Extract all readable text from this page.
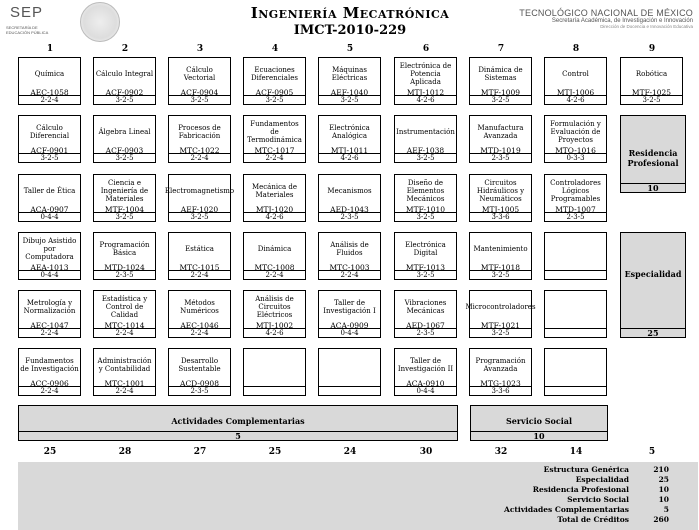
SEP
SECRETARÍA DE EDUCACIÓN PÚBLICA
Ingeniería Mecatrónica
IMCT-2010-229
TECNOLÓGICO NACIONAL DE MÉXICO
Secretaría Académica, de Investigación e Innovación
Dirección de Docencia e Innovación Educativa
1	2	3	4	5	6	7	8	9
Química
AEC-1058
2-2-4
Cálculo Integral
ACF-0902
3-2-5
Cálculo Vectorial
ACF-0904
3-2-5
Ecuaciones Diferenciales
ACF-0905
3-2-5
Máquinas Eléctricas
AEF-1040
3-2-5
Electrónica de Potencia Aplicada
MTJ-1012
4-2-6
Dinámica de Sistemas
MTF-1009
3-2-5
Control
MTJ-1006
4-2-6
Robótica
MTF-1025
3-2-5
Cálculo Diferencial
ACF-0901
3-2-5
Álgebra Lineal
ACF-0903
3-2-5
Procesos de Fabricación
MTC-1022
2-2-4
Fundamentos de Termodinámica
MTC-1017
2-2-4
Electrónica Analógica
MTJ-1011
4-2-6
Instrumentación
AEF-1038
3-2-5
Manufactura Avanzada
MTD-1019
2-3-5
Formulación y Evaluación de Proyectos
MTO-1016
0-3-3
Taller de Ética
ACA-0907
0-4-4
Ciencia e Ingeniería de Materiales
MTF-1004
3-2-5
Electromagnetismo
AEF-1020
3-2-5
Mecánica de Materiales
MTJ-1020
4-2-6
Mecanismos
AED-1043
2-3-5
Diseño de Elementos Mecánicos
MTF-1010
3-2-5
Circuitos Hidráulicos y Neumáticos
MTJ-1005
3-3-6
Controladores Lógicos Programables
MTD-1007
2-3-5
Dibujo Asistido por Computadora
AEA-1013
0-4-4
Programación Básica
MTD-1024
2-3-5
Estática
MTC-1015
2-2-4
Dinámica
MTC-1008
2-2-4
Análisis de Fluidos
MTC-1003
2-2-4
Electrónica Digital
MTF-1013
3-2-5
Mantenimiento
MTF-1018
3-2-5
Metrología y Normalización
AEC-1047
2-2-4
Estadística y Control de Calidad
MTC-1014
2-2-4
Métodos Numéricos
AEC-1046
2-2-4
Análisis de Circuitos Eléctricos
MTJ-1002
4-2-6
Taller de Investigación I
ACA-0909
0-4-4
Vibraciones Mecánicas
AED-1067
2-3-5
Microcontroladores
MTF-1021
3-2-5
Fundamentos de Investigación
ACC-0906
2-2-4
Administración y Contabilidad
MTC-1001
2-2-4
Desarrollo Sustentable
ACD-0908
2-3-5
Taller de Investigación II
ACA-0910
0-4-4
Programación Avanzada
MTG-1023
3-3-6
Residencia Profesional
10
Especialidad
25
Actividades Complementarias
5
Servicio Social
10
25	28	27	25	24	30	32	14	5
Estructura Genérica	210
Especialidad	25
Residencia Profesional	10
Servicio Social	10
Actividades Complementarias	5
Total de Créditos	260
